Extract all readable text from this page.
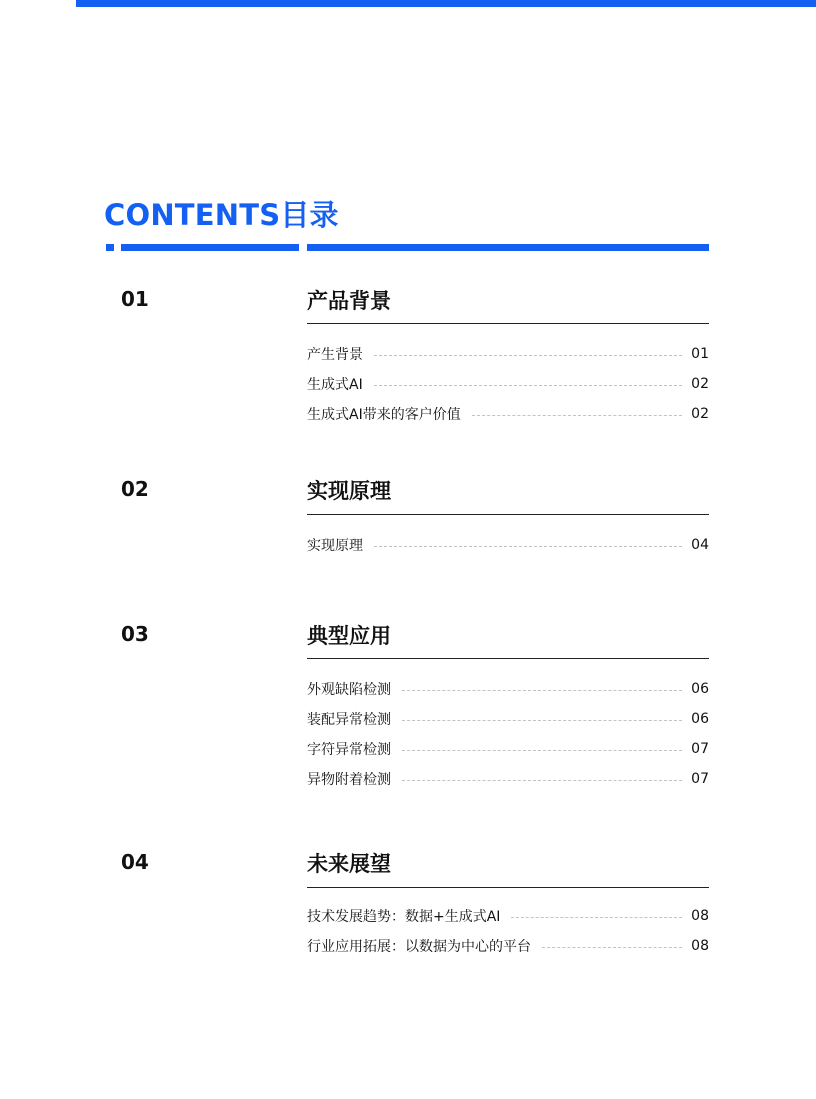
CONTENTS目录
01	产品背景
产生背景	01
生成式AI	02
生成式AI带来的客户价值	02
02	实现原理
实现原理	04
03	典型应用
外观缺陷检测	06
装配异常检测	06
字符异常检测	07
异物附着检测	07
04	未来展望
技术发展趋势：数据+生成式AI	08
行业应用拓展：以数据为中心的平台	08
